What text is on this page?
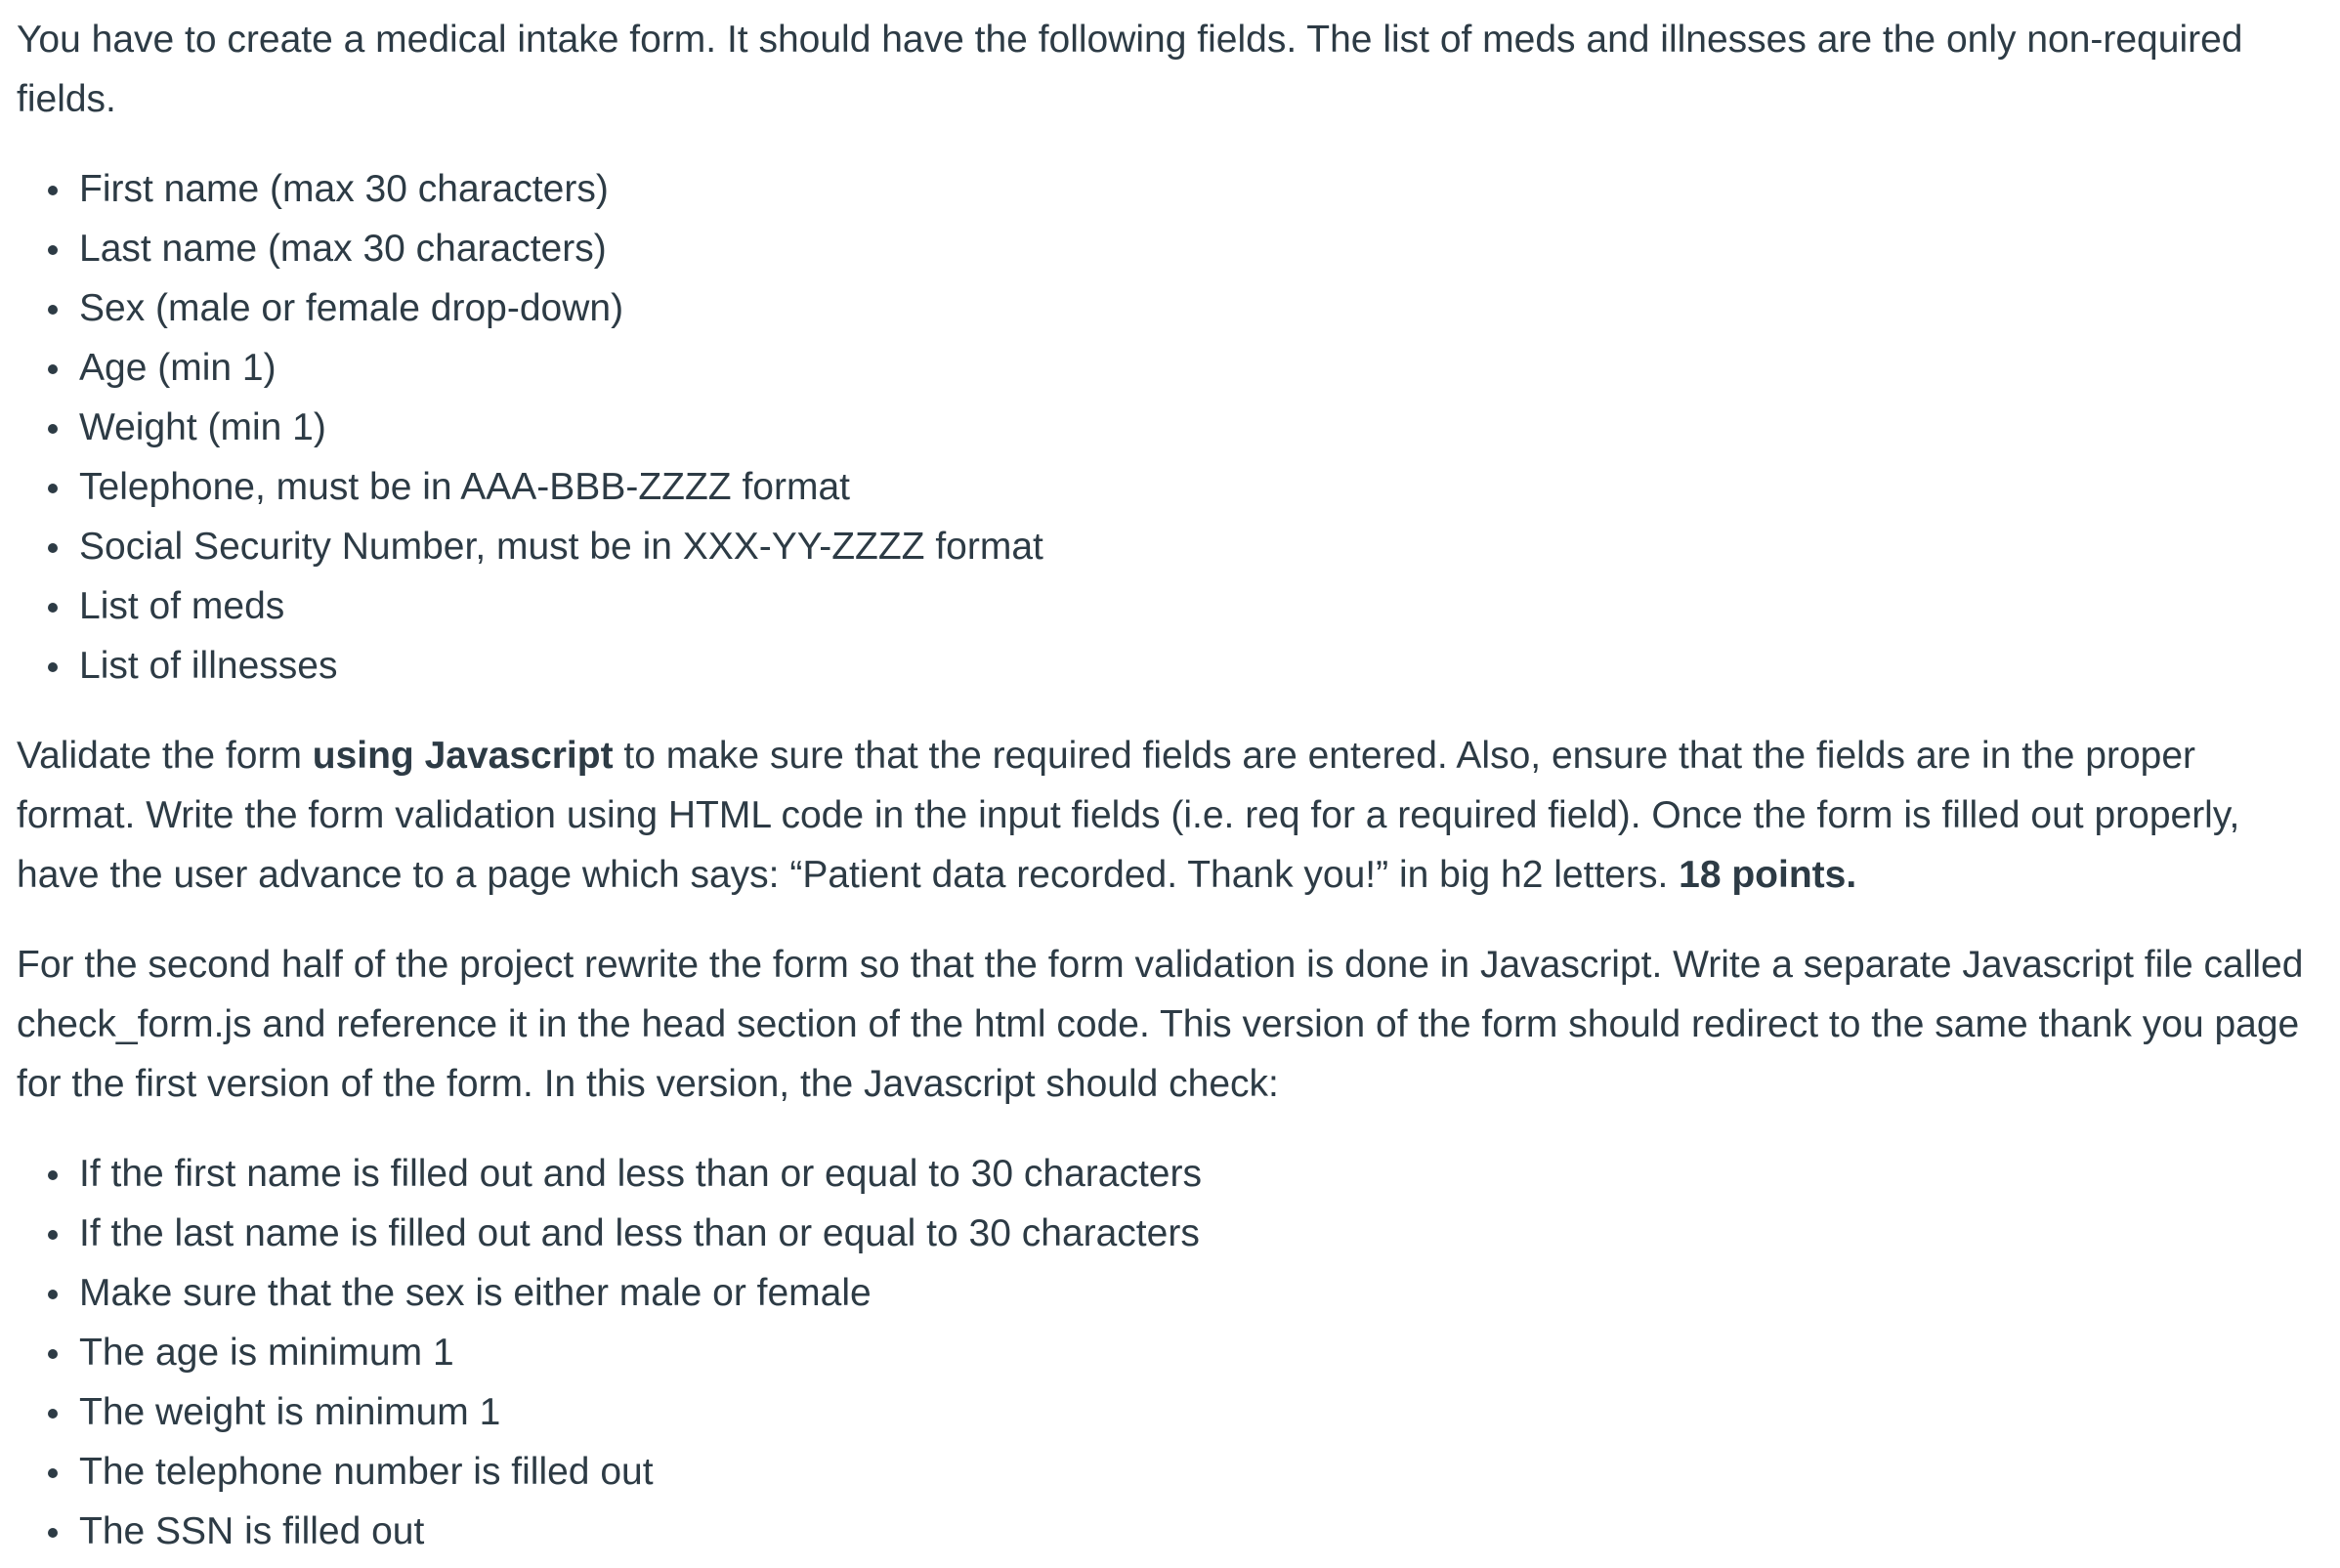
You have to create a medical intake form. It should have the following fields. The list of meds and illnesses are the only non-required fields.

First name (max 30 characters)
Last name (max 30 characters)
Sex (male or female drop-down)
Age (min 1)
Weight (min 1)
Telephone, must be in AAA-BBB-ZZZZ format
Social Security Number, must be in XXX-YY-ZZZZ format
List of meds
List of illnesses

Validate the form using Javascript to make sure that the required fields are entered. Also, ensure that the fields are in the proper format. Write the form validation using HTML code in the input fields (i.e. req for a required field). Once the form is filled out properly, have the user advance to a page which says: “Patient data recorded. Thank you!” in big h2 letters. 18 points.

For the second half of the project rewrite the form so that the form validation is done in Javascript. Write a separate Javascript file called check_form.js and reference it in the head section of the html code. This version of the form should redirect to the same thank you page for the first version of the form. In this version, the Javascript should check:

If the first name is filled out and less than or equal to 30 characters
If the last name is filled out and less than or equal to 30 characters
Make sure that the sex is either male or female
The age is minimum 1
The weight is minimum 1
The telephone number is filled out
The SSN is filled out
